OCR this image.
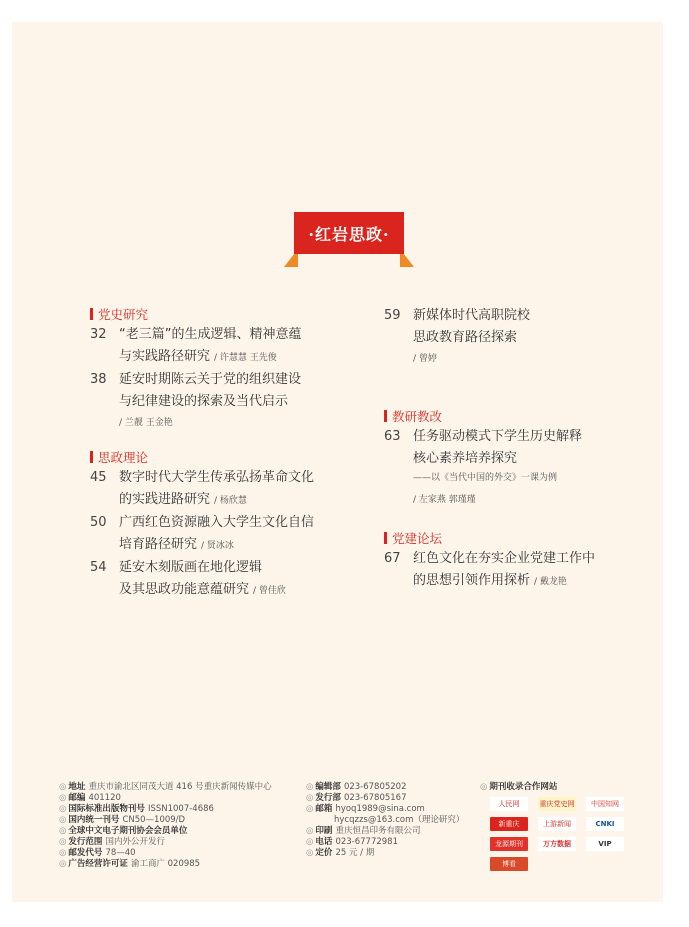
·红岩思政·
党史研究
32 “老三篇”的生成逻辑、精神意蕴
与实践路径研究 / 许慧慧 王先俊
38 延安时期陈云关于党的组织建设
与纪律建设的探索及当代启示
/ 兰靓 王金艳
思政理论
45 数字时代大学生传承弘扬革命文化
的实践进路研究 / 杨欣慧
50 广西红色资源融入大学生文化自信
培育路径研究 / 贤冰冰
54 延安木刻版画在地化逻辑
及其思政功能意蕴研究 / 曾佳欣
59 新媒体时代高职院校
思政教育路径探索
/ 曾婷
教研教改
63 任务驱动模式下学生历史解释
核心素养培养探究
——以《当代中国的外交》一课为例
/ 左家燕 郭瑾瑾
党建论坛
67 红色文化在夯实企业党建工作中
的思想引领作用探析 / 戴龙艳
◎ 地址 重庆市渝北区同茂大道 416 号重庆新闻传媒中心
◎ 邮编 401120
◎ 国际标准出版物刊号 ISSN1007-4686
◎ 国内统一刊号 CN50—1009/D
◎ 全球中文电子期刊协会会员单位
◎ 发行范围 国内外公开发行
◎ 邮发代号 78—40
◎ 广告经营许可证 渝工商广 020985
◎ 编辑部 023-67805202
◎ 发行部 023-67805167
◎ 邮箱 hyoq1989@sina.com
hycqzzs@163.com（理论研究）
◎ 印刷 重庆恒昌印务有限公司
◎ 电话 023-67772981
◎ 定价 25 元 / 期
◎ 期刊收录合作网站
人民网	重庆党史网	中国知网
新重庆	上游新闻	CNKI
龙源期刊	万方数据	VIP
博看
